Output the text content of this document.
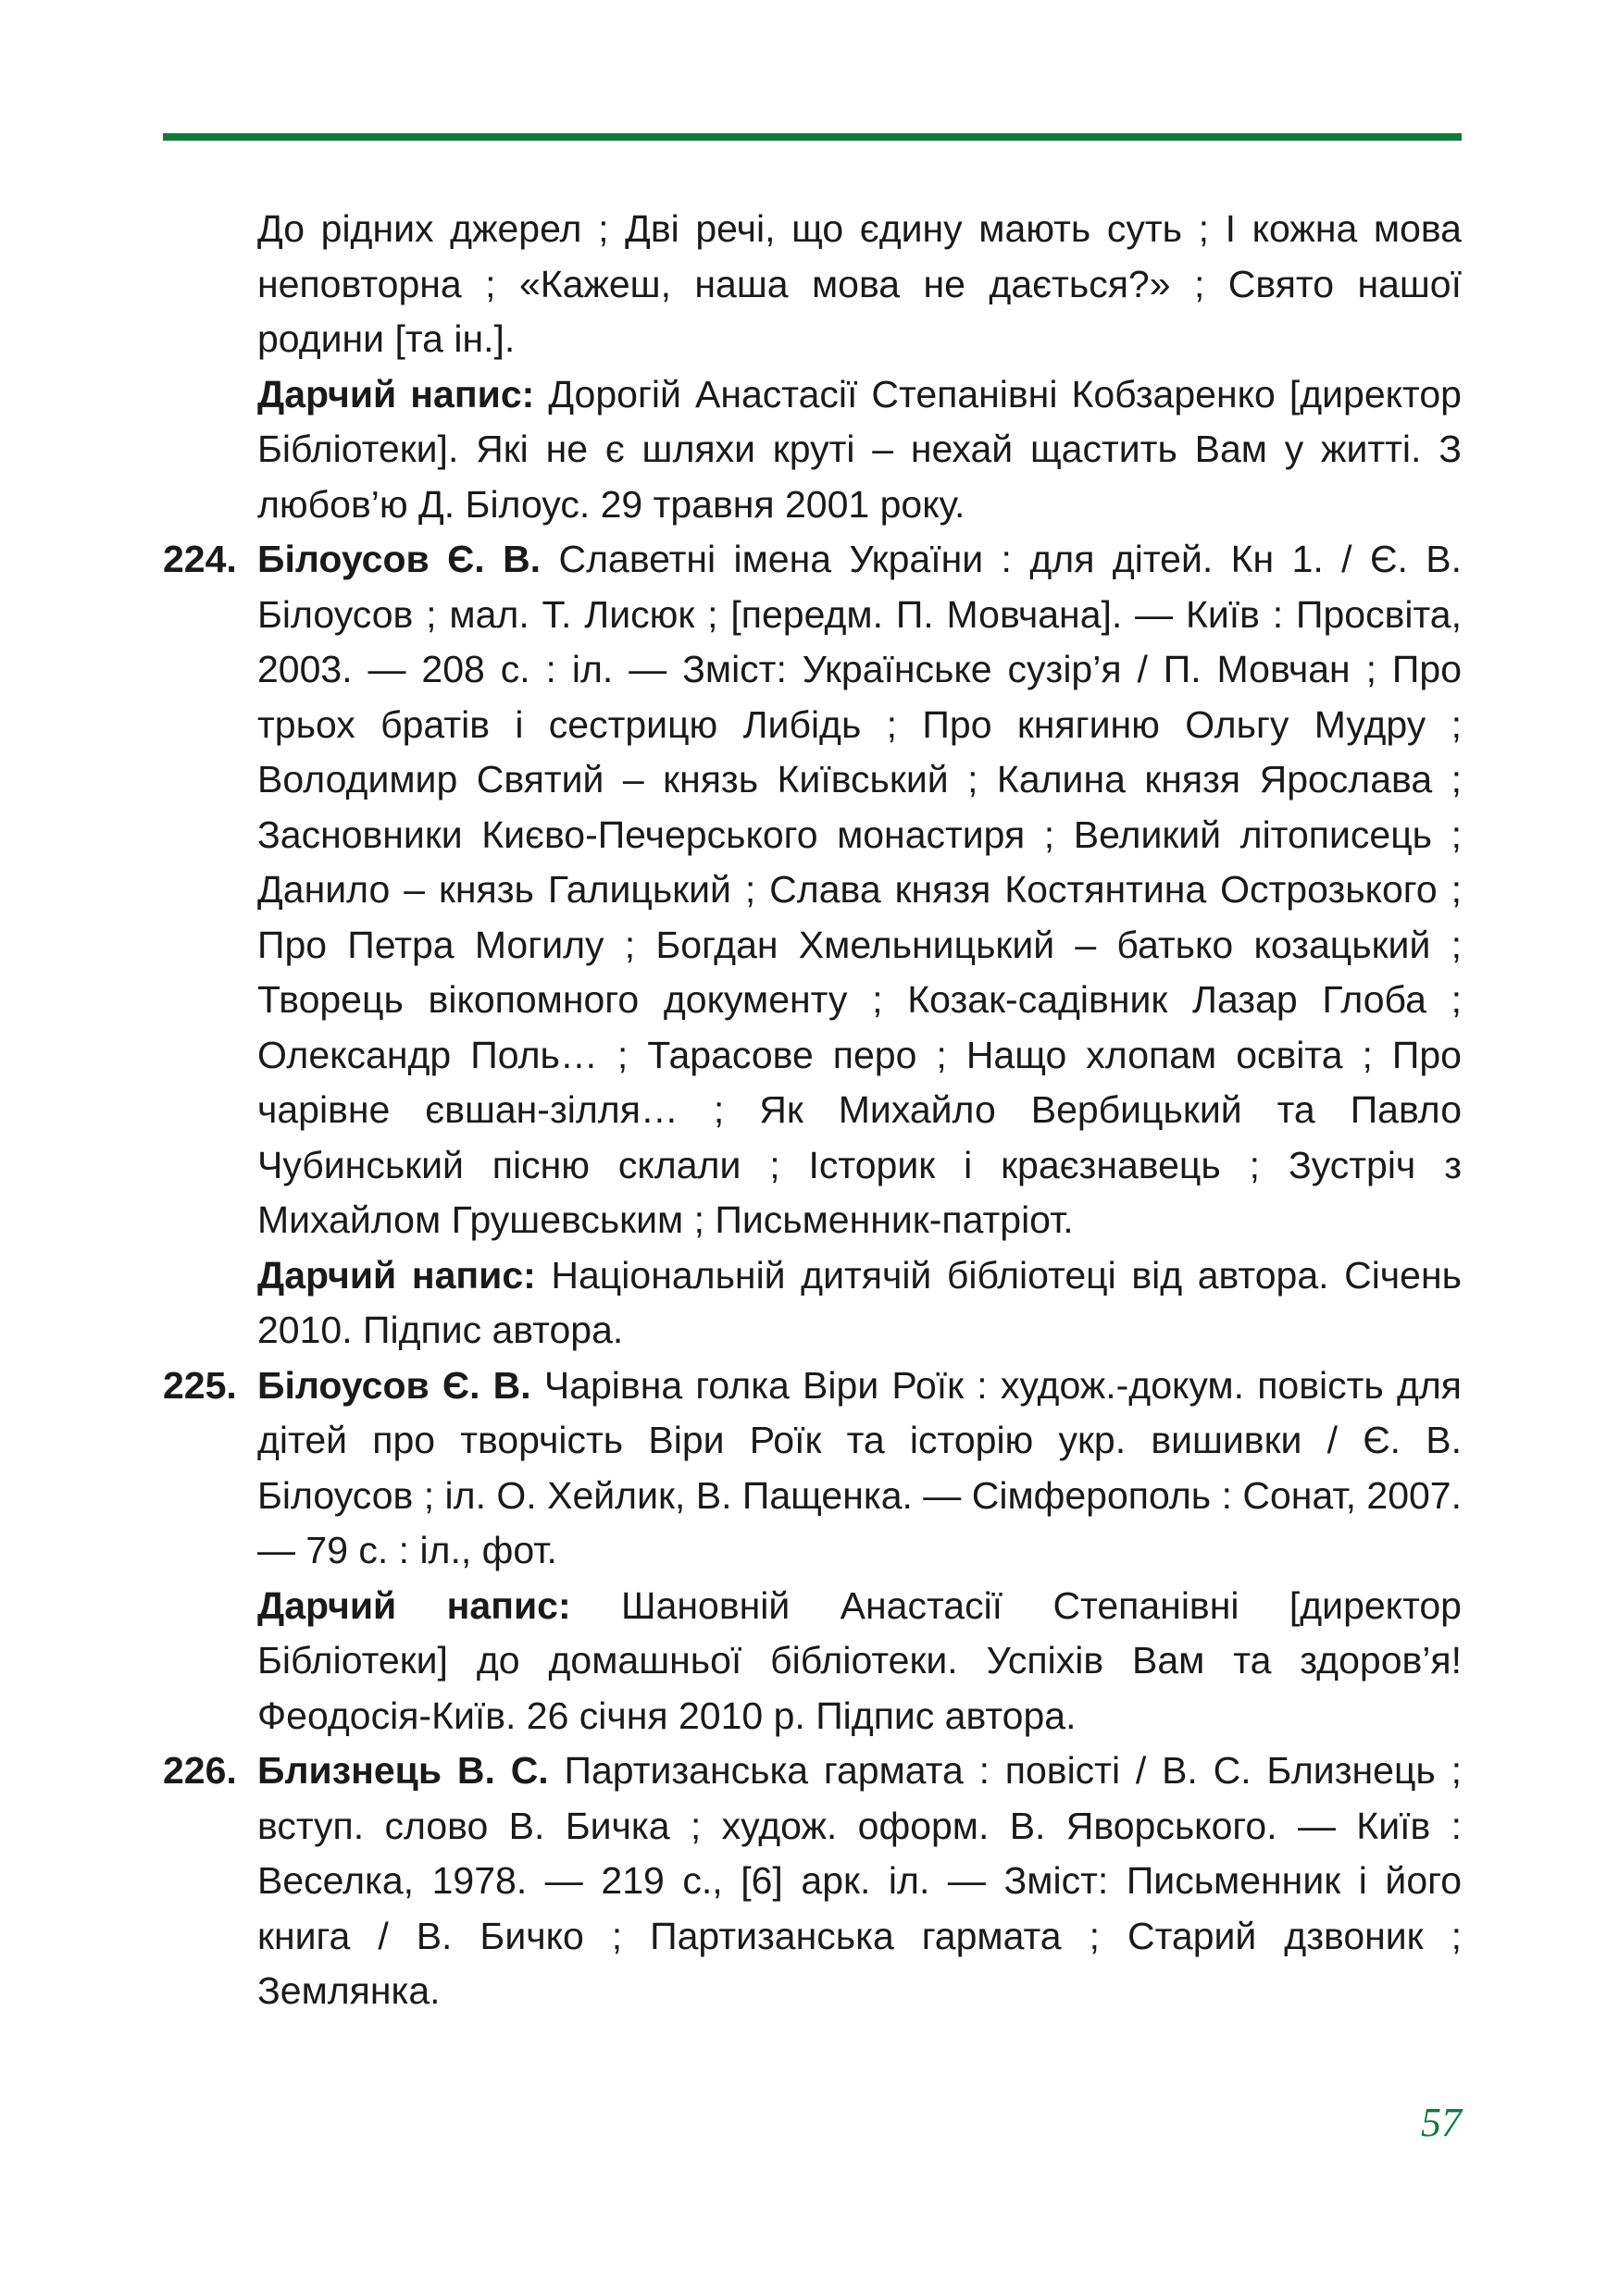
До рідних джерел ; Дві речі, що єдину мають суть ; І кожна мова неповторна ; «Кажеш, наша мова не дається?» ; Свято нашої родини [та ін.].

Дарчий напис: Дорогій Анастасії Степанівні Кобзаренко [директор Бібліотеки]. Які не є шляхи круті – нехай щастить Вам у житті. З любов’ю Д. Білоус. 29 травня 2001 року.

224. Білоусов Є. В. Славетні імена України : для дітей. Кн 1. / Є. В. Білоусов ; мал. Т. Лисюк ; [передм. П. Мовчана]. — Київ : Просвіта, 2003. — 208 с. : іл. — Зміст: Українське сузір’я / П. Мовчан ; Про трьох братів і сестрицю Либідь ; Про княгиню Ольгу Мудру ; Володимир Святий – князь Київський ; Калина князя Ярослава ; Засновники Києво-Печерського монастиря ; Великий літописець ; Данило – князь Галицький ; Слава князя Костянтина Острозького ; Про Петра Могилу ; Богдан Хмельницький – батько козацький ; Творець вікопомного документу ; Козак-садівник Лазар Глоба ; Олександр Поль… ; Тарасове перо ; Нащо хлопам освіта ; Про чарівне євшан-зілля… ; Як Михайло Вербицький та Павло Чубинський пісню склали ; Історик і краєзнавець ; Зустріч з Михайлом Грушевським ; Письменник-патріот.

Дарчий напис: Національній дитячій бібліотеці від автора. Січень 2010. Підпис автора.

225. Білоусов Є. В. Чарівна голка Віри Роїк : худож.-докум. повість для дітей про творчість Віри Роїк та історію укр. вишивки / Є. В. Білоусов ; іл. О. Хейлик, В. Пащенка. — Сімферополь : Сонат, 2007. — 79 с. : іл., фот.

Дарчий напис: Шановній Анастасії Степанівні [директор Бібліотеки] до домашньої бібліотеки. Успіхів Вам та здоров’я! Феодосія-Київ. 26 січня 2010 р. Підпис автора.

226. Близнець В. С. Партизанська гармата : повісті / В. С. Близнець ; вступ. слово В. Бичка ; худож. оформ. В. Яворського. — Київ : Веселка, 1978. — 219 с., [6] арк. іл. — Зміст: Письменник і його книга / В. Бичко ; Партизанська гармата ; Старий дзвоник ; Землянка.

57
